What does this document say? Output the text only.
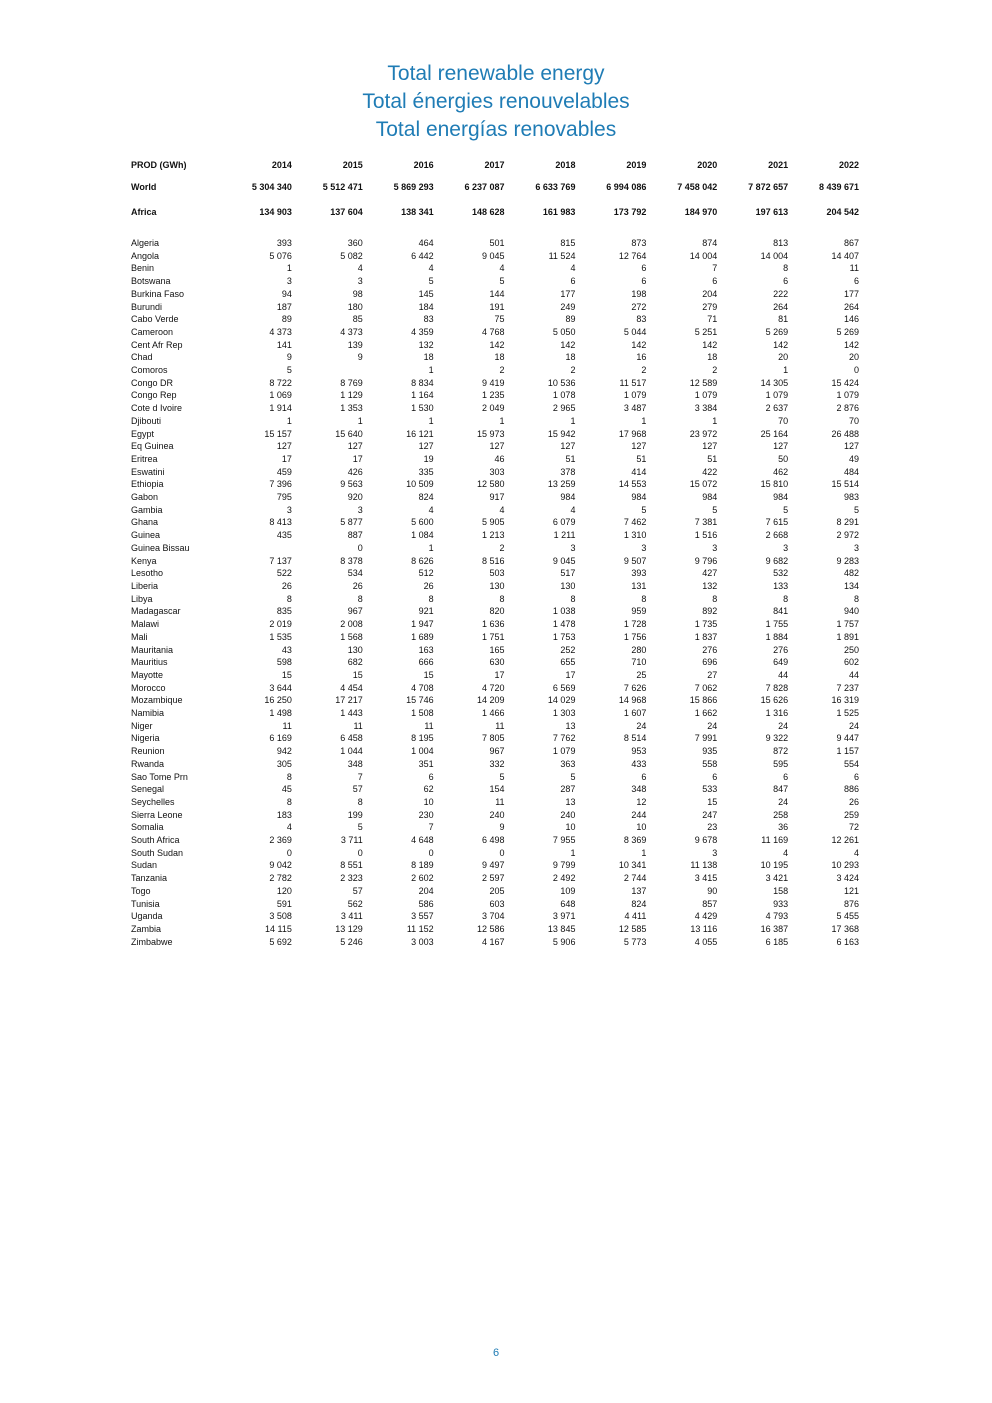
Total renewable energy
Total énergies renouvelables
Total energías renovables
PROD (GWh)	2014	2015	2016	2017	2018	2019	2020	2021	2022
World	5 304 340	5 512 471	5 869 293	6 237 087	6 633 769	6 994 086	7 458 042	7 872 657	8 439 671
Africa	134 903	137 604	138 341	148 628	161 983	173 792	184 970	197 613	204 542

Algeria	393	360	464	501	815	873	874	813	867
Angola	5 076	5 082	6 442	9 045	11 524	12 764	14 004	14 004	14 407
Benin	1	4	4	4	4	6	7	8	11
Botswana	3	3	5	5	6	6	6	6	6
Burkina Faso	94	98	145	144	177	198	204	222	177
Burundi	187	180	184	191	249	272	279	264	264
Cabo Verde	89	85	83	75	89	83	71	81	146
Cameroon	4 373	4 373	4 359	4 768	5 050	5 044	5 251	5 269	5 269
Cent Afr Rep	141	139	132	142	142	142	142	142	142
Chad	9	9	18	18	18	16	18	20	20
Comoros	5		1	2	2	2	2	1	0
Congo DR	8 722	8 769	8 834	9 419	10 536	11 517	12 589	14 305	15 424
Congo Rep	1 069	1 129	1 164	1 235	1 078	1 079	1 079	1 079	1 079
Cote d Ivoire	1 914	1 353	1 530	2 049	2 965	3 487	3 384	2 637	2 876
Djibouti	1	1	1	1	1	1	1	70	70
Egypt	15 157	15 640	16 121	15 973	15 942	17 968	23 972	25 164	26 488
Eq Guinea	127	127	127	127	127	127	127	127	127
Eritrea	17	17	19	46	51	51	51	50	49
Eswatini	459	426	335	303	378	414	422	462	484
Ethiopia	7 396	9 563	10 509	12 580	13 259	14 553	15 072	15 810	15 514
Gabon	795	920	824	917	984	984	984	984	983
Gambia	3	3	4	4	4	5	5	5	5
Ghana	8 413	5 877	5 600	5 905	6 079	7 462	7 381	7 615	8 291
Guinea	435	887	1 084	1 213	1 211	1 310	1 516	2 668	2 972
Guinea Bissau		0	1	2	3	3	3	3	3
Kenya	7 137	8 378	8 626	8 516	9 045	9 507	9 796	9 682	9 283
Lesotho	522	534	512	503	517	393	427	532	482
Liberia	26	26	26	130	130	131	132	133	134
Libya	8	8	8	8	8	8	8	8	8
Madagascar	835	967	921	820	1 038	959	892	841	940
Malawi	2 019	2 008	1 947	1 636	1 478	1 728	1 735	1 755	1 757
Mali	1 535	1 568	1 689	1 751	1 753	1 756	1 837	1 884	1 891
Mauritania	43	130	163	165	252	280	276	276	250
Mauritius	598	682	666	630	655	710	696	649	602
Mayotte	15	15	15	17	17	25	27	44	44
Morocco	3 644	4 454	4 708	4 720	6 569	7 626	7 062	7 828	7 237
Mozambique	16 250	17 217	15 746	14 209	14 029	14 968	15 866	15 626	16 319
Namibia	1 498	1 443	1 508	1 466	1 303	1 607	1 662	1 316	1 525
Niger	11	11	11	11	13	24	24	24	24
Nigeria	6 169	6 458	8 195	7 805	7 762	8 514	7 991	9 322	9 447
Reunion	942	1 044	1 004	967	1 079	953	935	872	1 157
Rwanda	305	348	351	332	363	433	558	595	554
Sao Tome Prn	8	7	6	5	5	6	6	6	6
Senegal	45	57	62	154	287	348	533	847	886
Seychelles	8	8	10	11	13	12	15	24	26
Sierra Leone	183	199	230	240	240	244	247	258	259
Somalia	4	5	7	9	10	10	23	36	72
South Africa	2 369	3 711	4 648	6 498	7 955	8 369	9 678	11 169	12 261
South Sudan	0	0	0	0	1	1	3	4	4
Sudan	9 042	8 551	8 189	9 497	9 799	10 341	11 138	10 195	10 293
Tanzania	2 782	2 323	2 602	2 597	2 492	2 744	3 415	3 421	3 424
Togo	120	57	204	205	109	137	90	158	121
Tunisia	591	562	586	603	648	824	857	933	876
Uganda	3 508	3 411	3 557	3 704	3 971	4 411	4 429	4 793	5 455
Zambia	14 115	13 129	11 152	12 586	13 845	12 585	13 116	16 387	17 368
Zimbabwe	5 692	5 246	3 003	4 167	5 906	5 773	4 055	6 185	6 163
6
